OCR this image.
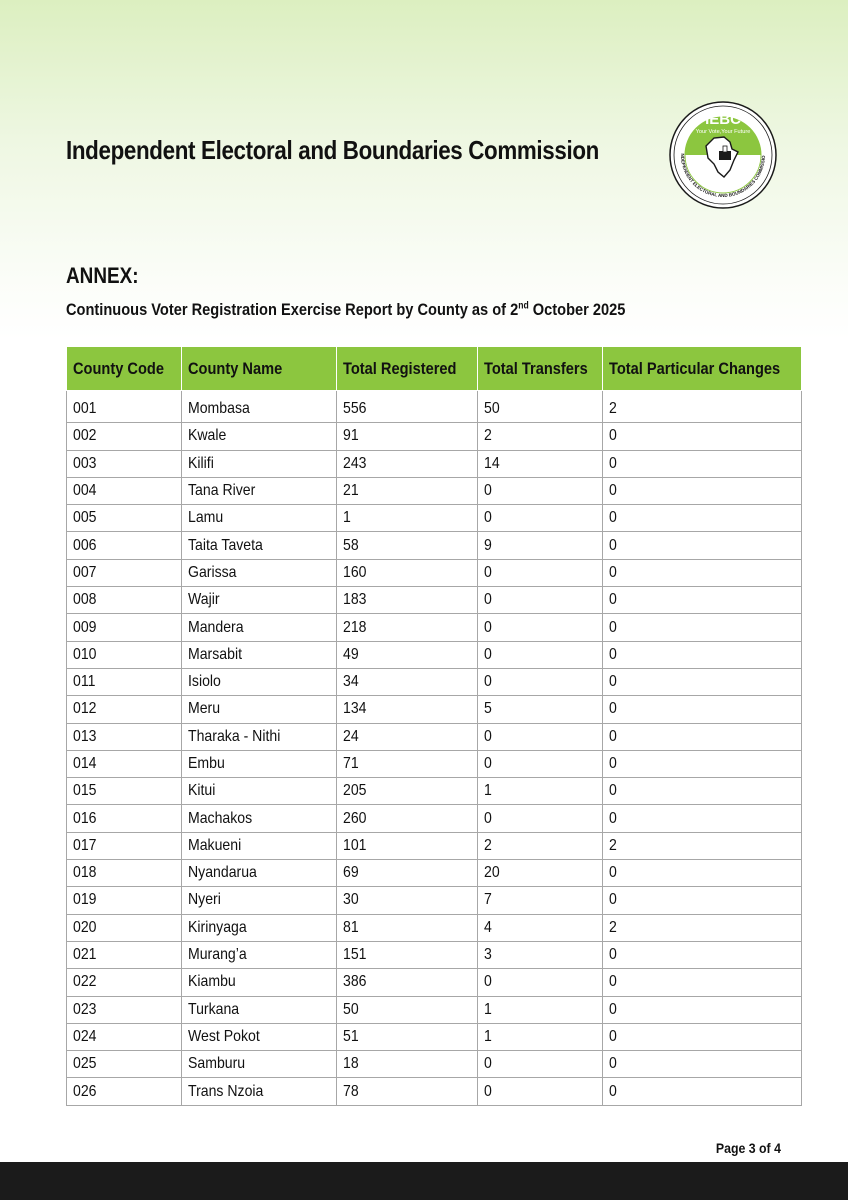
Independent Electoral and Boundaries Commission
IEBC
Your Vote,Your Future
NDEPENDENT ELECTORAL AND BOUNDARIES COMMISSIO
ANNEX:
Continuous Voter Registration Exercise Report by County as of 2nd October 2025
County Code	County Name	Total Registered	Total Transfers	Total Particular Changes

001	Mombasa	556	50	2
002	Kwale	91	2	0
003	Kilifi	243	14	0
004	Tana River	21	0	0
005	Lamu	1	0	0
006	Taita Taveta	58	9	0
007	Garissa	160	0	0
008	Wajir	183	0	0
009	Mandera	218	0	0
010	Marsabit	49	0	0
011	Isiolo	34	0	0
012	Meru	134	5	0
013	Tharaka - Nithi	24	0	0
014	Embu	71	0	0
015	Kitui	205	1	0
016	Machakos	260	0	0
017	Makueni	101	2	2
018	Nyandarua	69	20	0
019	Nyeri	30	7	0
020	Kirinyaga	81	4	2
021	Murang’a	151	3	0
022	Kiambu	386	0	0
023	Turkana	50	1	0
024	West Pokot	51	1	0
025	Samburu	18	0	0
026	Trans Nzoia	78	0	0
Page 3 of 4
